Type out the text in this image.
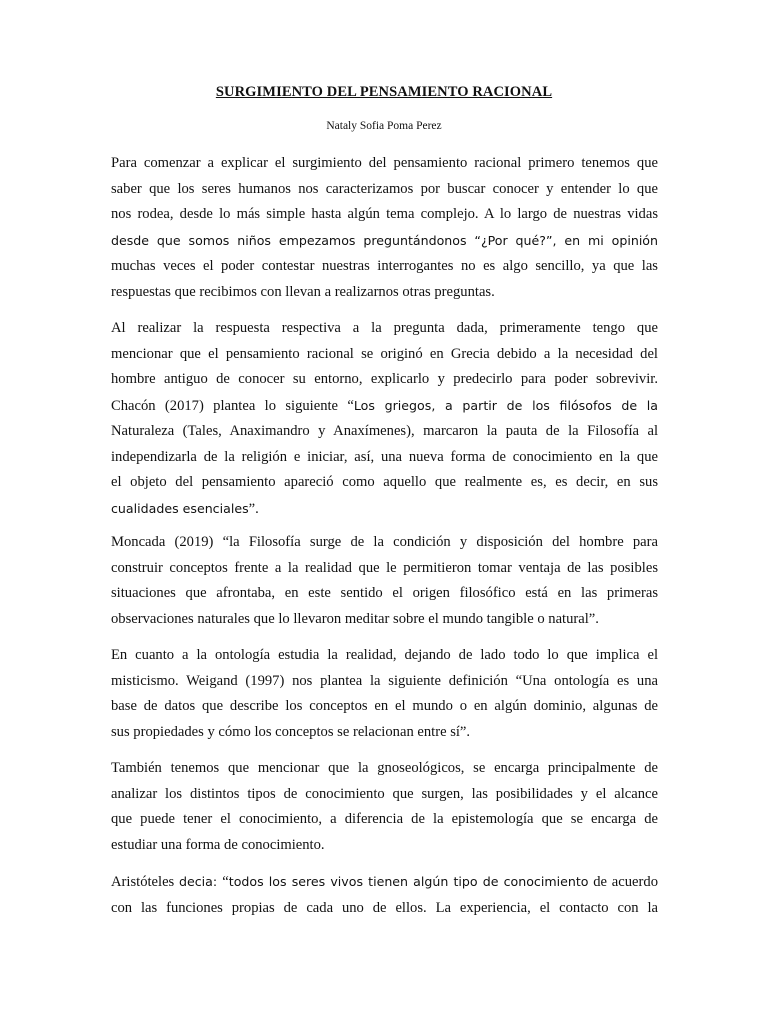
SURGIMIENTO DEL PENSAMIENTO RACIONAL
Nataly Sofia Poma Perez
Para comenzar a explicar el surgimiento del pensamiento racional primero tenemos que
saber que los seres humanos nos caracterizamos por buscar conocer y entender lo que
nos rodea, desde lo más simple hasta algún tema complejo. A lo largo de nuestras vidas
desde que somos niños empezamos preguntándonos “¿Por qué?”, en mi opinión
muchas veces el poder contestar nuestras interrogantes no es algo sencillo, ya que las
respuestas que recibimos con llevan a realizarnos otras preguntas.
Al realizar la respuesta respectiva a la pregunta dada, primeramente tengo que
mencionar que el pensamiento racional se originó en Grecia debido a la necesidad del
hombre antiguo de conocer su entorno, explicarlo y predecirlo para poder sobrevivir.
Chacón (2017) plantea lo siguiente “Los griegos, a partir de los filósofos de la
Naturaleza (Tales, Anaximandro y Anaxímenes), marcaron la pauta de la Filosofía al
independizarla de la religión e iniciar, así, una nueva forma de conocimiento en la que
el objeto del pensamiento apareció como aquello que realmente es, es decir, en sus
cualidades esenciales”.
Moncada (2019) “la Filosofía surge de la condición y disposición del hombre para
construir conceptos frente a la realidad que le permitieron tomar ventaja de las posibles
situaciones que afrontaba, en este sentido el origen filosófico está en las primeras
observaciones naturales que lo llevaron meditar sobre el mundo tangible o natural”.
En cuanto a la ontología estudia la realidad, dejando de lado todo lo que implica el
misticismo. Weigand (1997) nos plantea la siguiente definición “Una ontología es una
base de datos que describe los conceptos en el mundo o en algún dominio, algunas de
sus propiedades y cómo los conceptos se relacionan entre sí”.
También tenemos que mencionar que la gnoseológicos, se encarga principalmente de
analizar los distintos tipos de conocimiento que surgen, las posibilidades y el alcance
que puede tener el conocimiento, a diferencia de la epistemología que se encarga de
estudiar una forma de conocimiento.
Aristóteles decia: “todos los seres vivos tienen algún tipo de conocimiento de acuerdo
con las funciones propias de cada uno de ellos. La experiencia, el contacto con la
